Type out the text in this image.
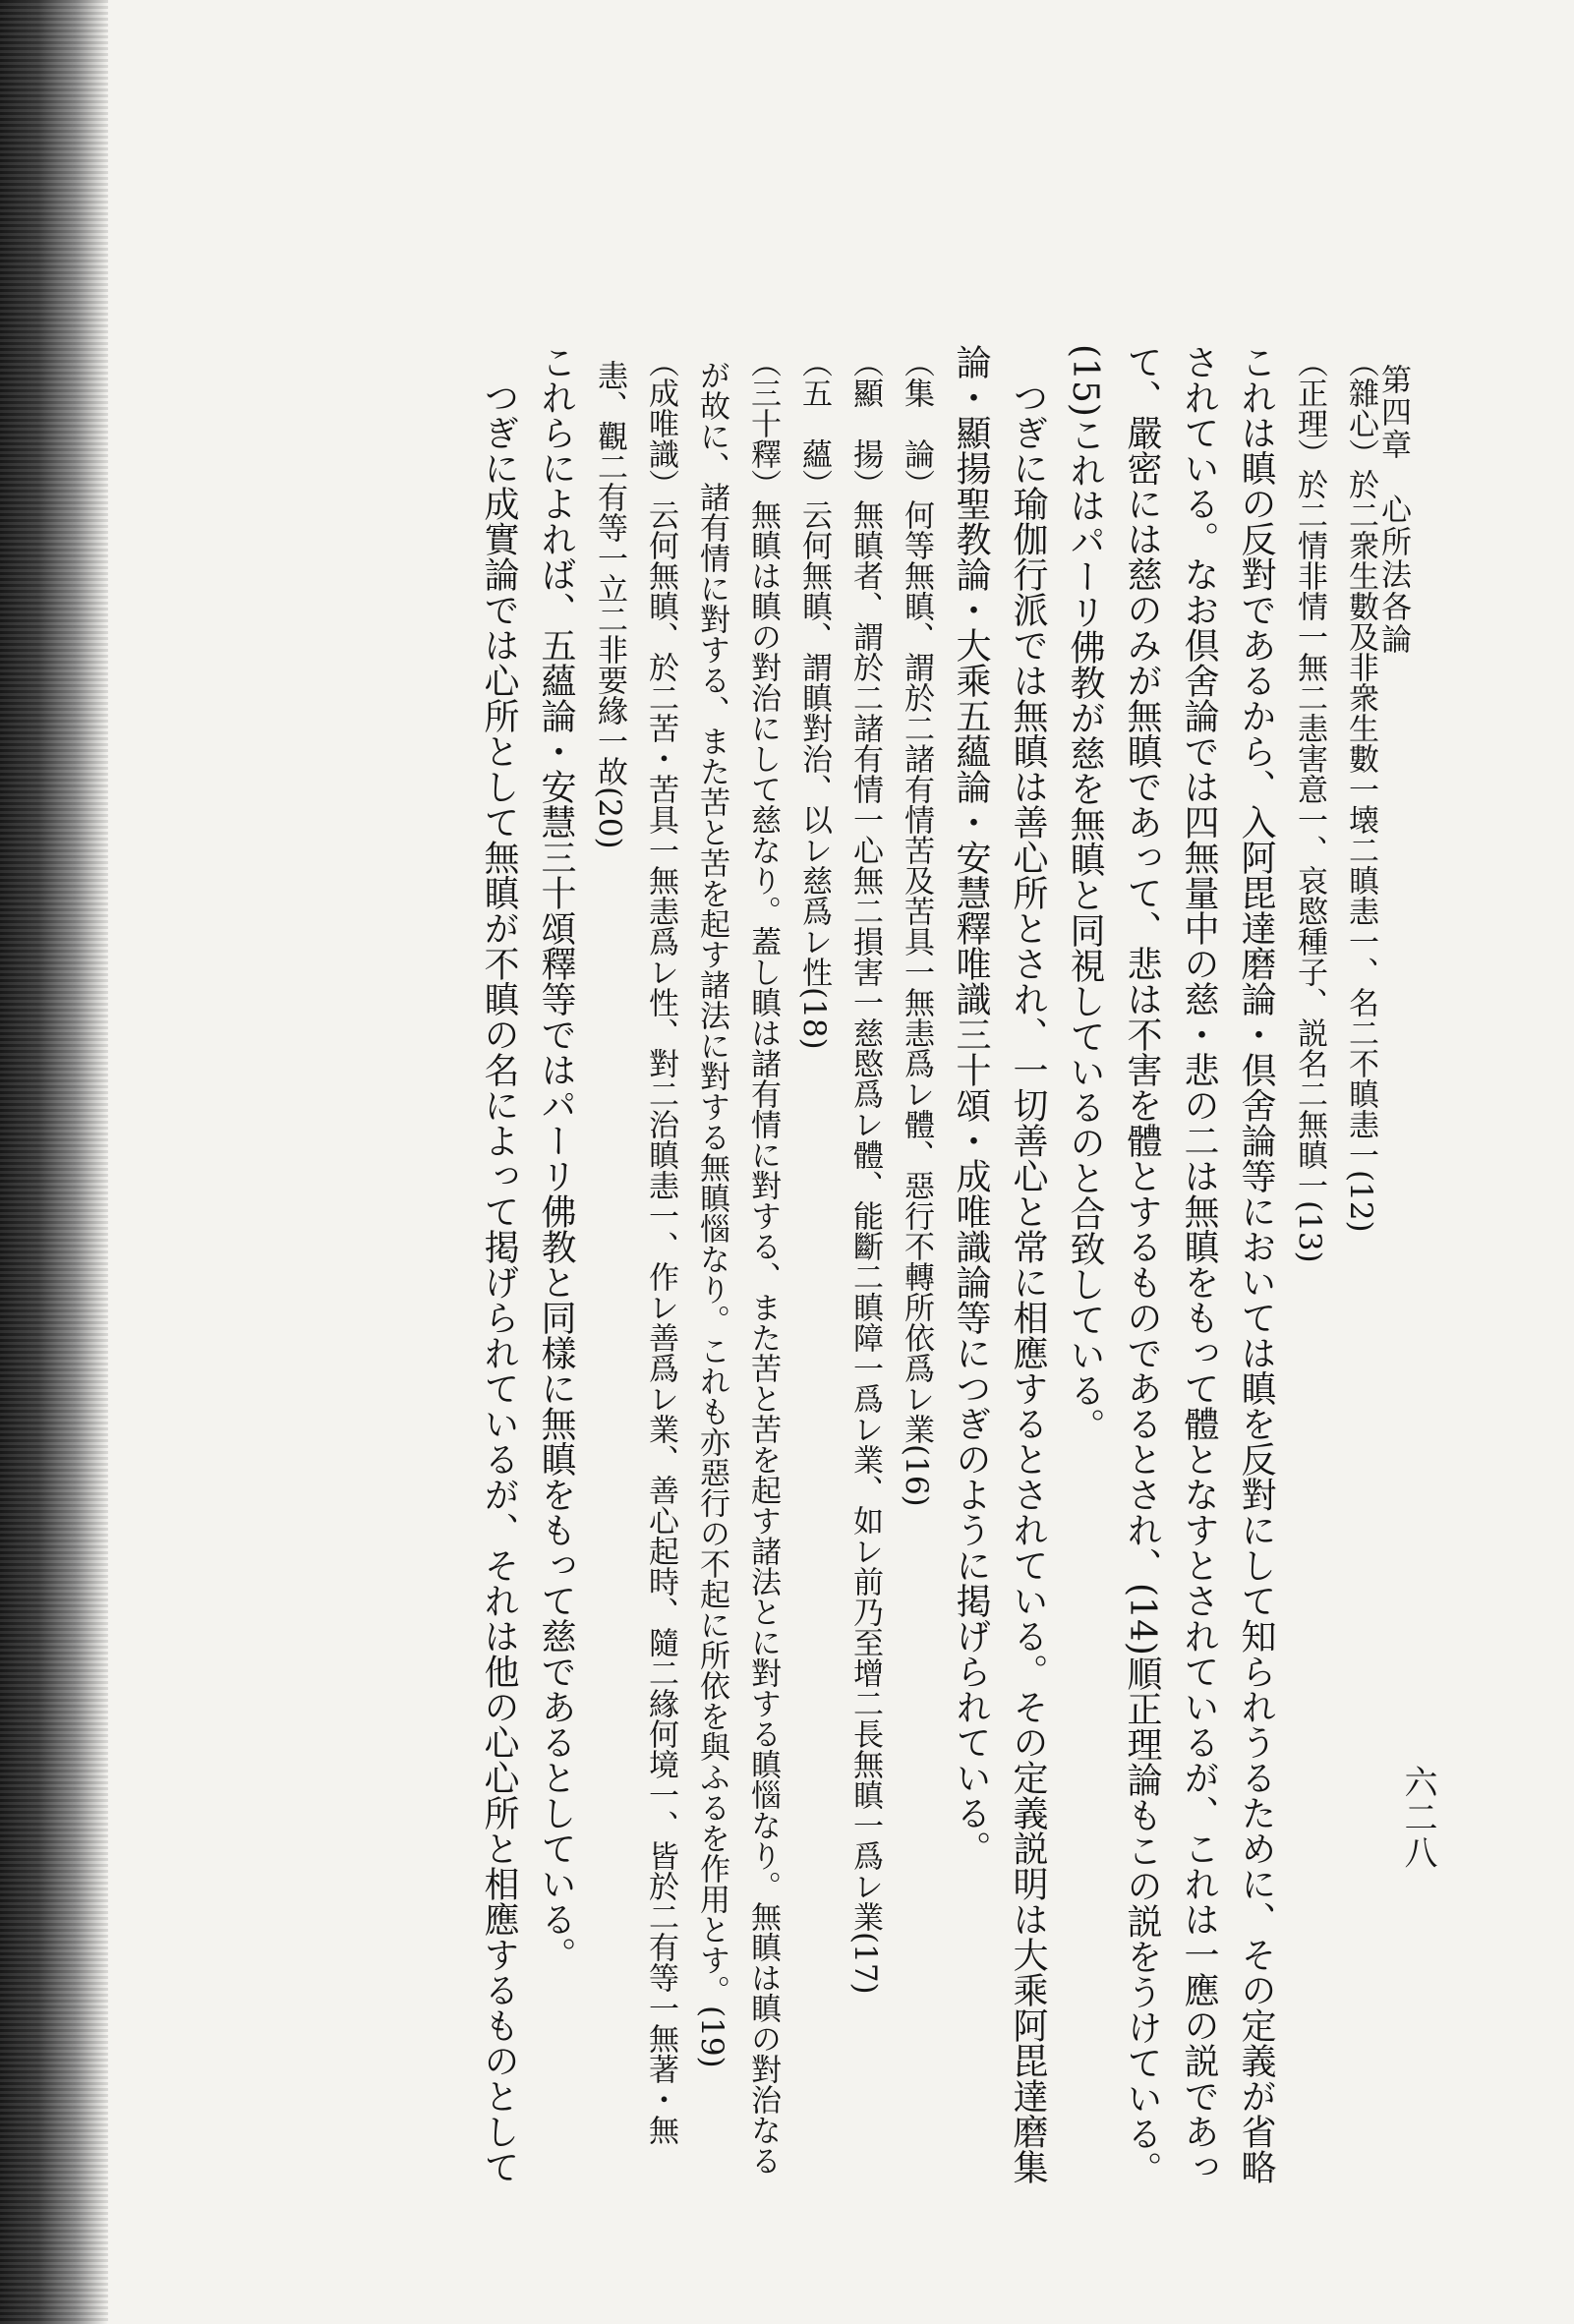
第四章　心所法各論
六二八

（雜心）於二衆生數及非衆生數一壊二瞋恚一、名二不瞋恚一(12)

（正理）於二情非情一無二恚害意一、哀愍種子、説名二無瞋一(13)

これは瞋の反對であるから、入阿毘達磨論・倶舍論等においては瞋を反對にして知られうるために、その定義が省略されている。なお倶舍論では四無量中の慈・悲の二は無瞋をもって體となすとされているが、これは一應の説であって、嚴密には慈のみが無瞋であって、悲は不害を體とするものであるとされ、(14)順正理論もこの説をうけている。(15)これはパーリ佛教が慈を無瞋と同視しているのと合致している。

つぎに瑜伽行派では無瞋は善心所とされ、一切善心と常に相應するとされている。その定義説明は大乘阿毘達磨集論・顯揚聖教論・大乘五蘊論・安慧釋唯識三十頌・成唯識論等につぎのように掲げられている。

（集　論）何等無瞋、謂於二諸有情苦及苦具一無恚爲レ體、惡行不轉所依爲レ業(16)

（顯　揚）無瞋者、謂於二諸有情一心無二損害一慈愍爲レ體、能斷二瞋障一爲レ業、如レ前乃至增二長無瞋一爲レ業(17)

（五　蘊）云何無瞋、謂瞋對治、以レ慈爲レ性(18)

（三十釋）無瞋は瞋の對治にして慈なり。蓋し瞋は諸有情に對する、また苦と苦を起す諸法とに對する瞋惱なり。無瞋は瞋の對治なるが故に、諸有情に對する、また苦と苦を起す諸法に對する無瞋惱なり。これも亦惡行の不起に所依を與ふるを作用とす。(19)

（成唯識）云何無瞋、於二苦・苦具一無恚爲レ性、對二治瞋恚一、作レ善爲レ業、善心起時、隨二緣何境一、皆於二有等一無著・無恚、觀二有等一立二非要緣一故(20)

これらによれば、五蘊論・安慧三十頌釋等ではパーリ佛教と同樣に無瞋をもって慈であるとしている。

つぎに成實論では心所として無瞋が不瞋の名によって掲げられているが、それは他の心心所と相應するものとして
